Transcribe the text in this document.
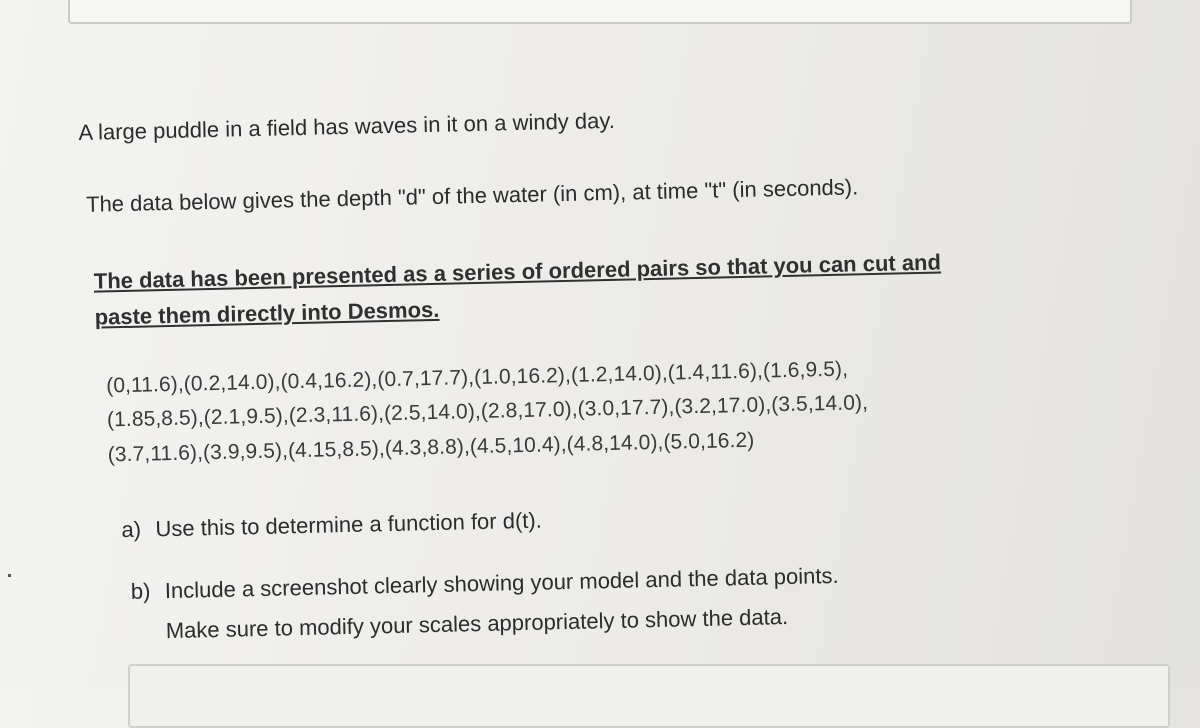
A large puddle in a field has waves in it on a windy day.

The data below gives the depth "d" of the water (in cm), at time "t" (in seconds).

The data has been presented as a series of ordered pairs so that you can cut and

paste them directly into Desmos.

(0,11.6),(0.2,14.0),(0.4,16.2),(0.7,17.7),(1.0,16.2),(1.2,14.0),(1.4,11.6),(1.6,9.5),

(1.85,8.5),(2.1,9.5),(2.3,11.6),(2.5,14.0),(2.8,17.0),(3.0,17.7),(3.2,17.0),(3.5,14.0),

(3.7,11.6),(3.9,9.5),(4.15,8.5),(4.3,8.8),(4.5,10.4),(4.8,14.0),(5.0,16.2)

a) Use this to determine a function for d(t).

b) Include a screenshot clearly showing your model and the data points.

Make sure to modify your scales appropriately to show the data.
